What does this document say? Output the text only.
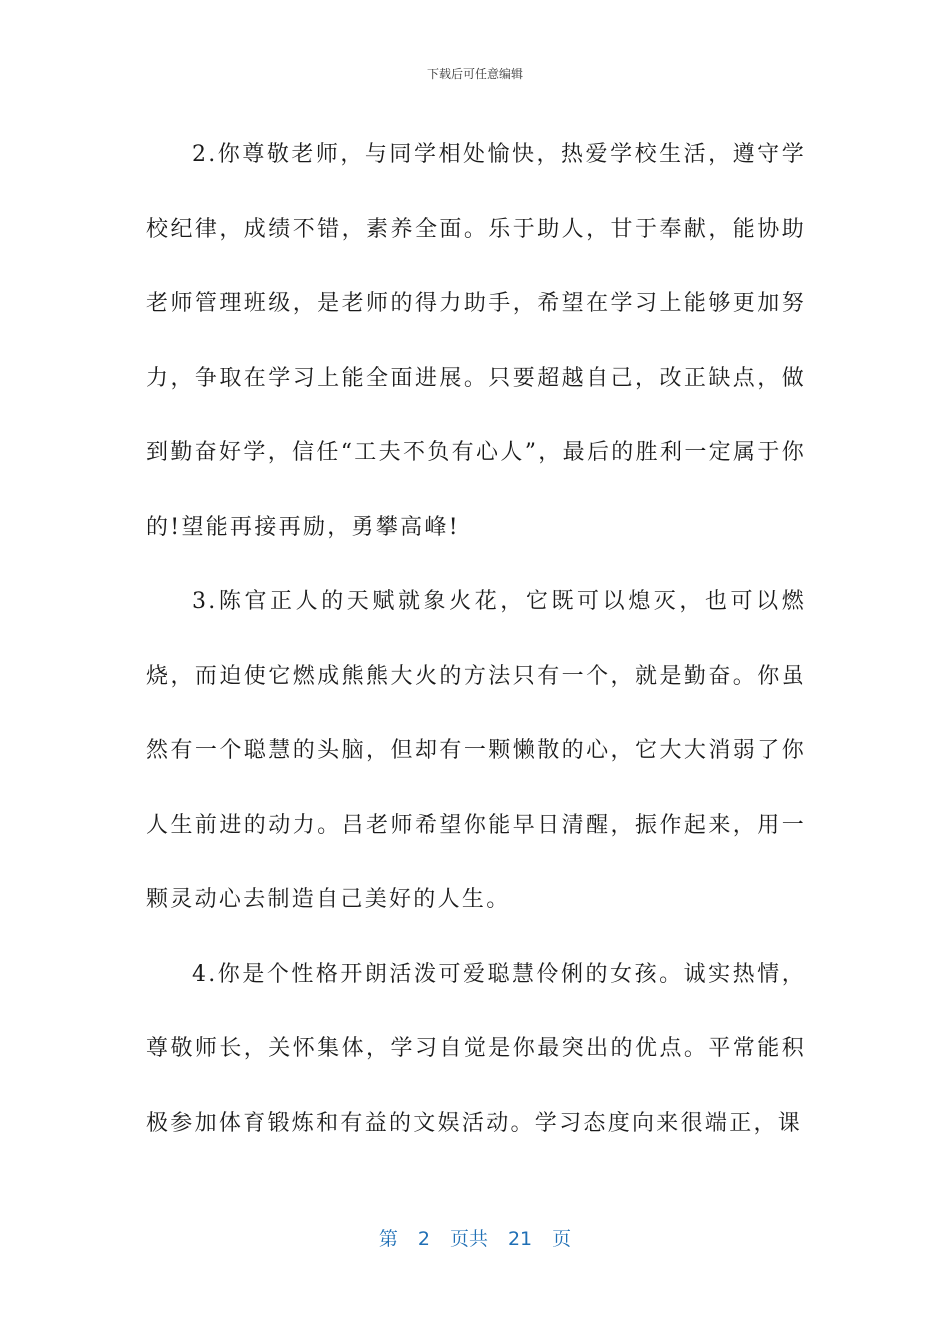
下载后可任意编辑

2.你尊敬老师，与同学相处愉快，热爱学校生活，遵守学校纪律，成绩不错，素养全面。乐于助人，甘于奉献，能协助老师管理班级，是老师的得力助手，希望在学习上能够更加努力，争取在学习上能全面进展。只要超越自己，改正缺点，做到勤奋好学，信任“工夫不负有心人”，最后的胜利一定属于你的!望能再接再励，勇攀高峰!

3.陈官正人的天赋就象火花，它既可以熄灭，也可以燃烧，而迫使它燃成熊熊大火的方法只有一个，就是勤奋。你虽然有一个聪慧的头脑，但却有一颗懒散的心，它大大消弱了你人生前进的动力。吕老师希望你能早日清醒，振作起来，用一颗灵动心去制造自己美好的人生。

4.你是个性格开朗活泼可爱聪慧伶俐的女孩。诚实热情，尊敬师长，关怀集体，学习自觉是你最突出的优点。平常能积极参加体育锻炼和有益的文娱活动。学习态度向来很端正，课

第 2 页共 21 页
